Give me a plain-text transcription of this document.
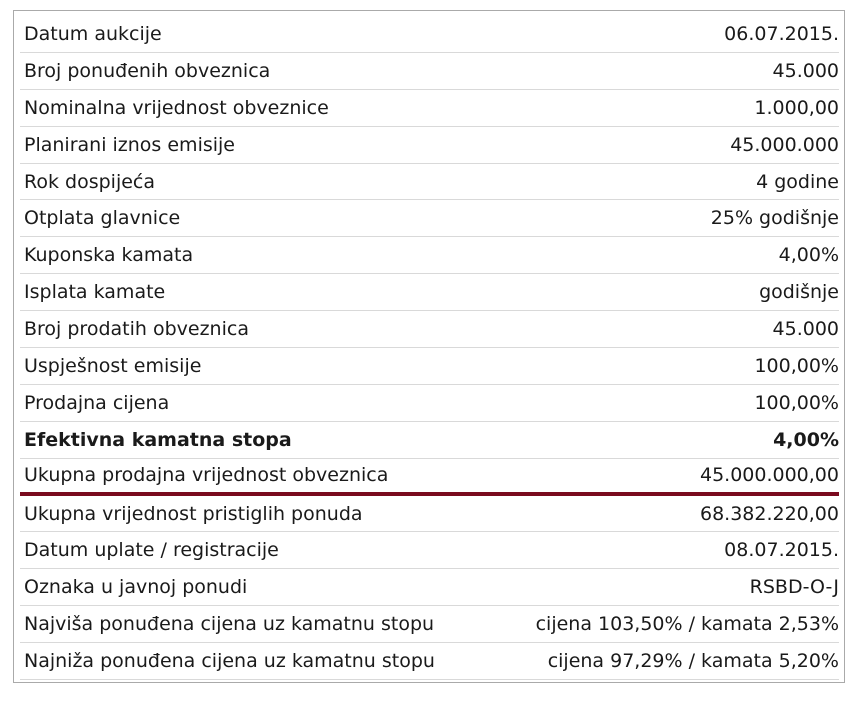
Datum aukcije	06.07.2015.
Broj ponuđenih obveznica	45.000
Nominalna vrijednost obveznice	1.000,00
Planirani iznos emisije	45.000.000
Rok dospijeća	4 godine
Otplata glavnice	25% godišnje
Kuponska kamata	4,00%
Isplata kamate	godišnje
Broj prodatih obveznica	45.000
Uspješnost emisije	100,00%
Prodajna cijena	100,00%
Efektivna kamatna stopa	4,00%
Ukupna prodajna vrijednost obveznica	45.000.000,00
Ukupna vrijednost pristiglih ponuda	68.382.220,00
Datum uplate / registracije	08.07.2015.
Oznaka u javnoj ponudi	RSBD-O-J
Najviša ponuđena cijena uz kamatnu stopu	cijena 103,50% / kamata 2,53%
Najniža ponuđena cijena uz kamatnu stopu	cijena 97,29% / kamata 5,20%
